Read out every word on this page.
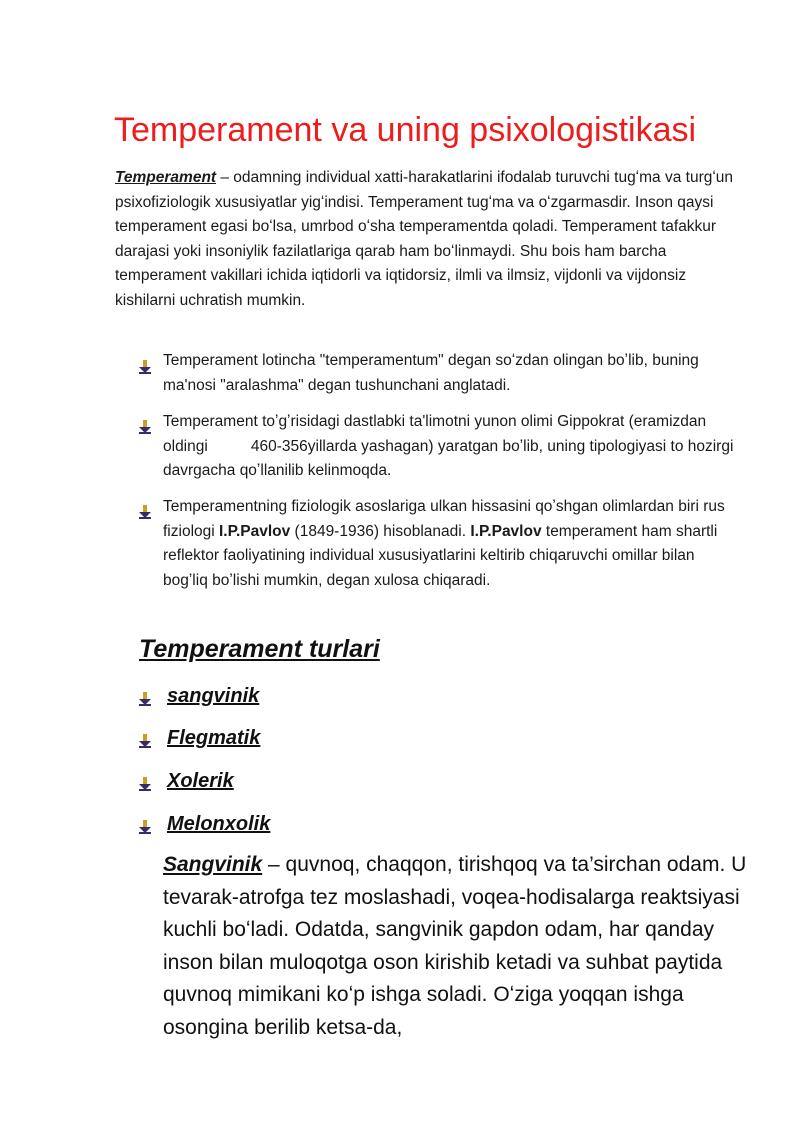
Temperament va uning psixologistikasi

Temperament – odamning individual xatti-harakatlarini ifodalab turuvchi tugʻma va turgʻun psixofiziologik xususiyatlar yigʻindisi. Temperament tugʻma va oʻzgarmasdir. Inson qaysi temperament egasi boʻlsa, umrbod oʻsha temperamentda qoladi. Temperament tafakkur darajasi yoki insoniylik fazilatlariga qarab ham boʻlinmaydi. Shu bois ham barcha temperament vakillari ichida iqtidorli va iqtidorsiz, ilmli va ilmsiz, vijdonli va vijdonsiz kishilarni uchratish mumkin.

Temperament lotincha "temperamentum" degan soʻzdan olingan boʼlib, buning ma'nosi "aralashma" degan tushunchani anglatadi.
Temperament toʼgʼrisidagi dastlabki ta'limotni yunon olimi Gippokrat (eramizdan oldingi          460-356yillarda yashagan) yaratgan boʼlib, uning tipologiyasi to hozirgi davrgacha qoʼllanilib kelinmoqda.
Temperamentning fiziologik asoslariga ulkan hissasini qoʼshgan olimlardan biri rus fiziologi I.P.Pavlov (1849-1936) hisoblanadi. I.P.Pavlov temperament ham shartli reflektor faoliyatining individual xususiyatlarini keltirib chiqaruvchi omillar bilan bogʼliq boʼlishi mumkin, degan xulosa chiqaradi.
Temperament turlari
sangvinik
Flegmatik
Xolerik
Melonxolik

Sangvinik – quvnoq, chaqqon, tirishqoq va ta’sirchan odam. U tevarak-atrofga tez moslashadi, voqea-hodisalarga reaktsiyasi kuchli boʻladi. Odatda, sangvinik gapdon odam, har qanday inson bilan muloqotga oson kirishib ketadi va suhbat paytida quvnoq mimikani koʻp ishga soladi. Oʻziga yoqqan ishga osongina berilib ketsa-da,
